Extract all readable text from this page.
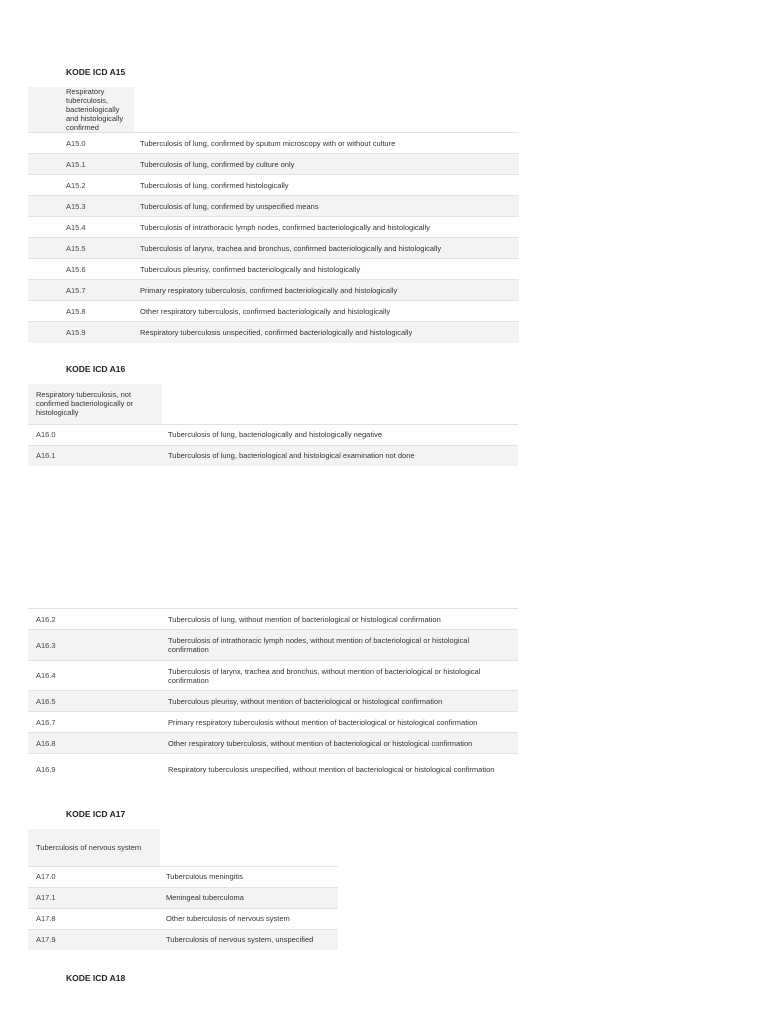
KODE ICD A15
Respiratory tuberculosis, bacteriologically and histologically confirmed	
A15.0	Tuberculosis of lung, confirmed by sputum microscopy with or without culture
A15.1	Tuberculosis of lung, confirmed by culture only
A15.2	Tuberculosis of lung, confirmed histologically
A15.3	Tuberculosis of lung, confirmed by unspecified means
A15.4	Tuberculosis of intrathoracic lymph nodes, confirmed bacteriologically and histologically
A15.5	Tuberculosis of larynx, trachea and bronchus, confirmed bacteriologically and histologically
A15.6	Tuberculous pleurisy, confirmed bacteriologically and histologically
A15.7	Primary respiratory tuberculosis, confirmed bacteriologically and histologically
A15.8	Other respiratory tuberculosis, confirmed bacteriologically and histologically
A15.9	Respiratory tuberculosis unspecified, confirmed bacteriologically and histologically
KODE ICD A16
Respiratory tuberculosis, not confirmed bacteriologically or histologically	
A16.0	Tuberculosis of lung, bacteriologically and histologically negative
A16.1	Tuberculosis of lung, bacteriological and histological examination not done
A16.2	Tuberculosis of lung, without mention of bacteriological or histological confirmation
A16.3	Tuberculosis of intrathoracic lymph nodes, without mention of bacteriological or histological confirmation
A16.4	Tuberculosis of larynx, trachea and bronchus, without mention of bacteriological or histological confirmation
A16.5	Tuberculous pleurisy, without mention of bacteriological or histological confirmation
A16.7	Primary respiratory tuberculosis without mention of bacteriological or histological confirmation
A16.8	Other respiratory tuberculosis, without mention of bacteriological or histological confirmation
A16.9	Respiratory tuberculosis unspecified, without mention of bacteriological or histological confirmation
KODE ICD A17
Tuberculosis of nervous system	
A17.0	Tuberculous meningitis
A17.1	Meningeal tuberculoma
A17.8	Other tuberculosis of nervous system
A17.9	Tuberculosis of nervous system, unspecified
KODE ICD A18
